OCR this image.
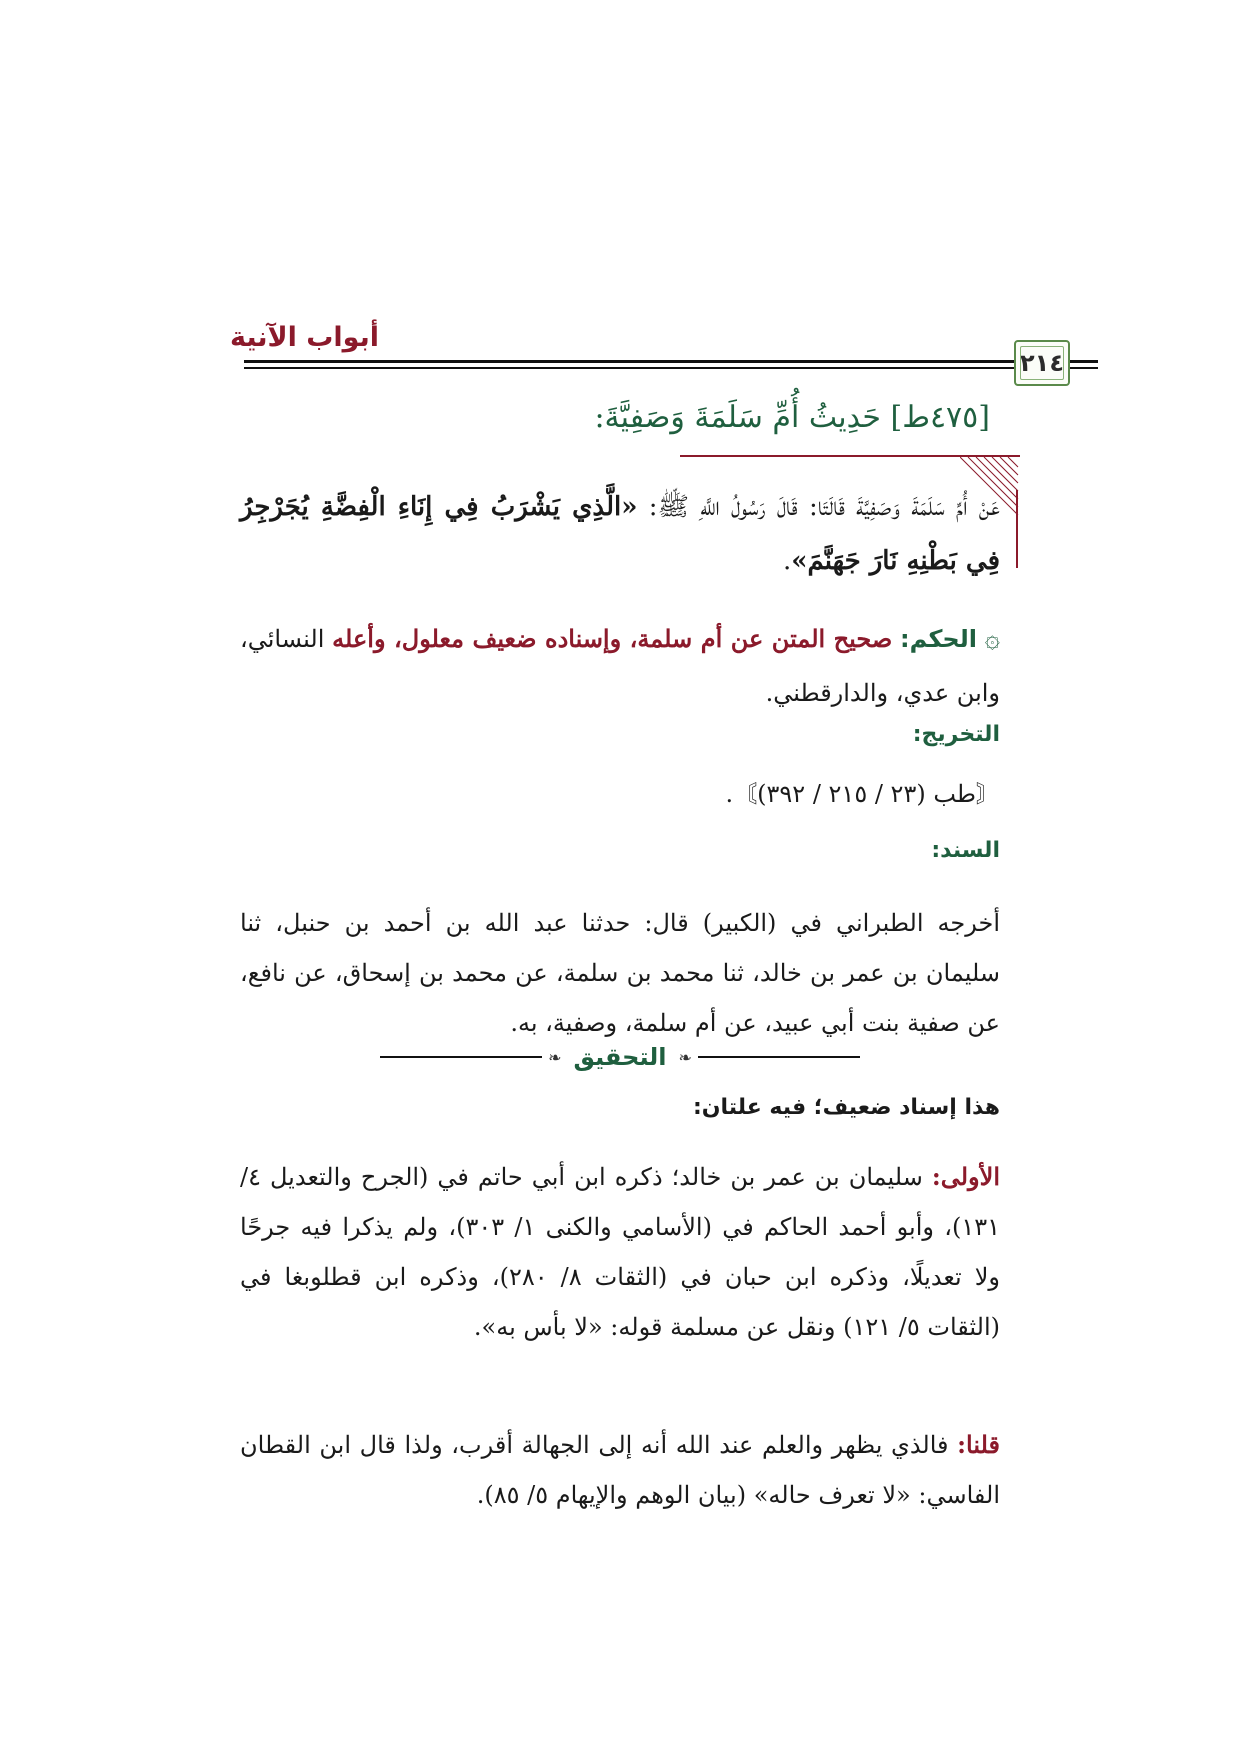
أبواب الآنية
٢١٤
[٤٧٥ط] حَدِيثُ أُمِّ سَلَمَةَ وَصَفِيَّةَ:
عَنْ أُمِّ سَلَمَةَ وَصَفِيَّةَ قَالَتَا: قَالَ رَسُولُ اللَّهِ ﷺ: «الَّذِي يَشْرَبُ فِي إِنَاءِ الْفِضَّةِ يُجَرْجِرُ فِي بَطْنِهِ نَارَ جَهَنَّمَ».
۞ الحكم: صحيح المتن عن أم سلمة، وإسناده ضعيف معلول، وأعله النسائي، وابن عدي، والدارقطني.
التخريج:
〘طب (٢٣ / ٢١٥ / ٣٩٢)〙.
السند:
أخرجه الطبراني في (الكبير) قال: حدثنا عبد الله بن أحمد بن حنبل، ثنا سليمان بن عمر بن خالد، ثنا محمد بن سلمة، عن محمد بن إسحاق، عن نافع، عن صفية بنت أبي عبيد، عن أم سلمة، وصفية، به.
❧
التحقيق
❧
هذا إسناد ضعيف؛ فيه علتان:
الأولى: سليمان بن عمر بن خالد؛ ذكره ابن أبي حاتم في (الجرح والتعديل ٤/ ١٣١)، وأبو أحمد الحاكم في (الأسامي والكنى ١/ ٣٠٣)، ولم يذكرا فيه جرحًا ولا تعديلًا، وذكره ابن حبان في (الثقات ٨/ ٢٨٠)، وذكره ابن قطلوبغا في (الثقات ٥/ ١٢١) ونقل عن مسلمة قوله: «لا بأس به».
قلنا: فالذي يظهر والعلم عند الله أنه إلى الجهالة أقرب، ولذا قال ابن القطان الفاسي: «لا تعرف حاله» (بيان الوهم والإيهام ٥/ ٨٥).
